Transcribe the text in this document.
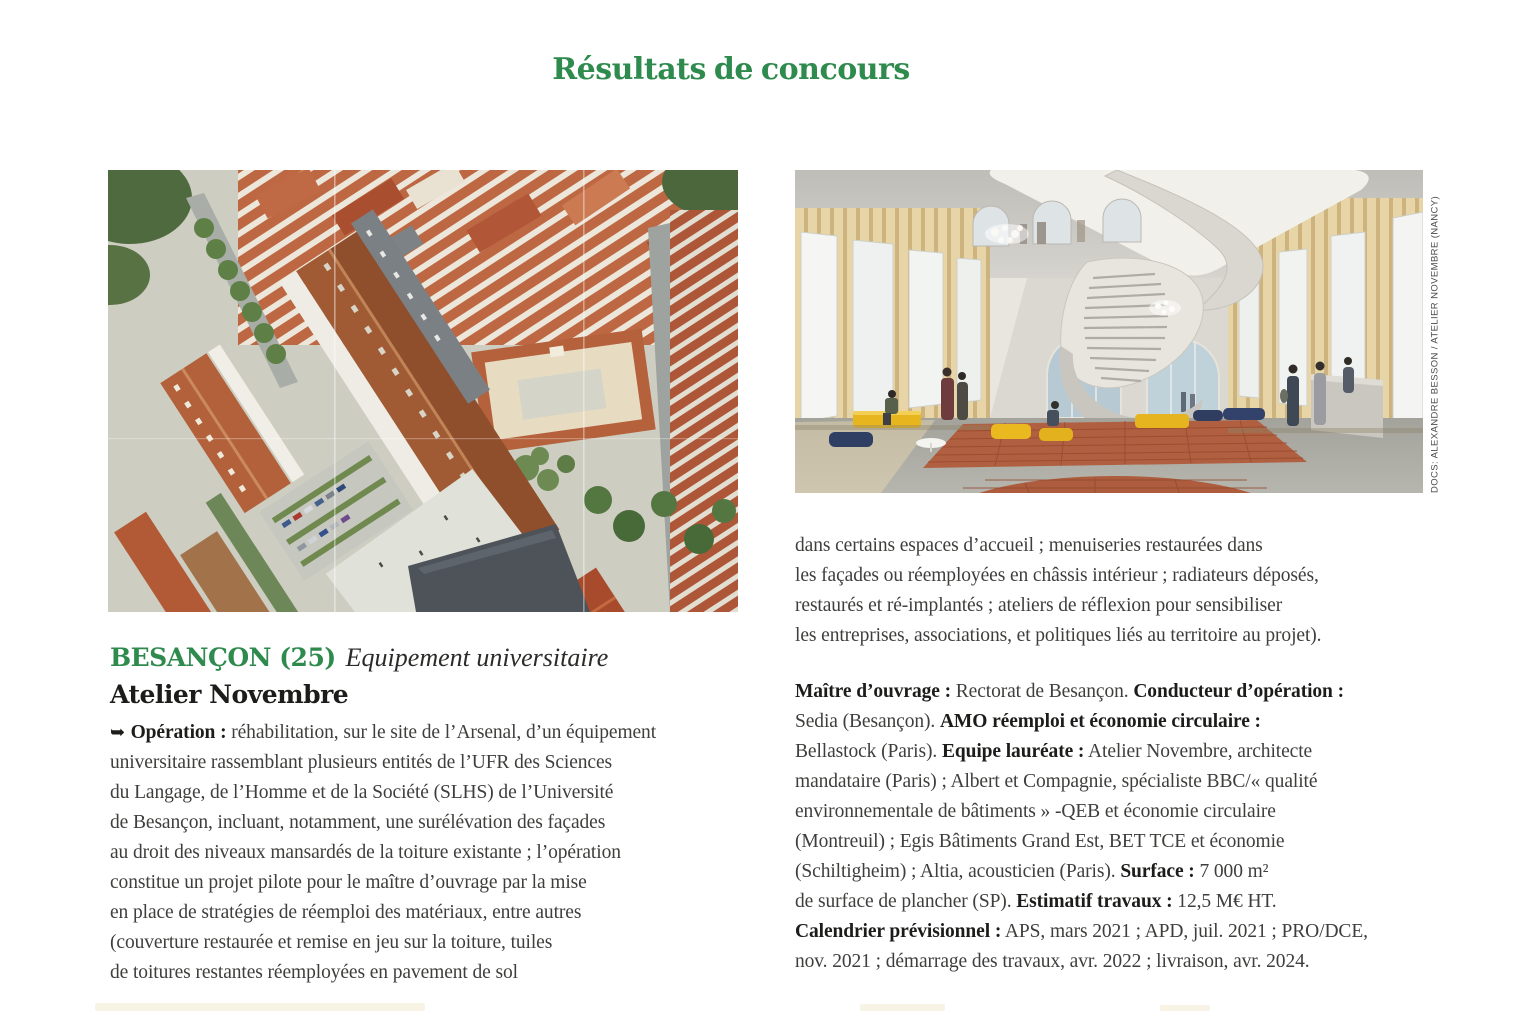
Résultats de concours
DOCS: ALEXANDRE BESSON / ATELIER NOVEMBRE (NANCY)
BESANÇON (25) Equipement universitaire
Atelier Novembre
➥ Opération : réhabilitation, sur le site de l’Arsenal, d’un équipement
universitaire rassemblant plusieurs entités de l’UFR des Sciences
du Langage, de l’Homme et de la Société (SLHS) de l’Université
de Besançon, incluant, notamment, une surélévation des façades
au droit des niveaux mansardés de la toiture existante ; l’opération
constitue un projet pilote pour le maître d’ouvrage par la mise
en place de stratégies de réemploi des matériaux, entre autres
(couverture restaurée et remise en jeu sur la toiture, tuiles
de toitures restantes réemployées en pavement de sol
dans certains espaces d’accueil ; menuiseries restaurées dans
les façades ou réemployées en châssis intérieur ; radiateurs déposés,
restaurés et ré-implantés ; ateliers de réflexion pour sensibiliser
les entreprises, associations, et politiques liés au territoire au projet).
Maître d’ouvrage : Rectorat de Besançon. Conducteur d’opération :
Sedia (Besançon). AMO réemploi et économie circulaire :
Bellastock (Paris). Equipe lauréate : Atelier Novembre, architecte
mandataire (Paris) ; Albert et Compagnie, spécialiste BBC/« qualité
environnementale de bâtiments » -QEB et économie circulaire
(Montreuil) ; Egis Bâtiments Grand Est, BET TCE et économie
(Schiltigheim) ; Altia, acousticien (Paris). Surface : 7 000 m²
de surface de plancher (SP). Estimatif travaux : 12,5 M€ HT.
Calendrier prévisionnel : APS, mars 2021 ; APD, juil. 2021 ; PRO/DCE,
nov. 2021 ; démarrage des travaux, avr. 2022 ; livraison, avr. 2024.
